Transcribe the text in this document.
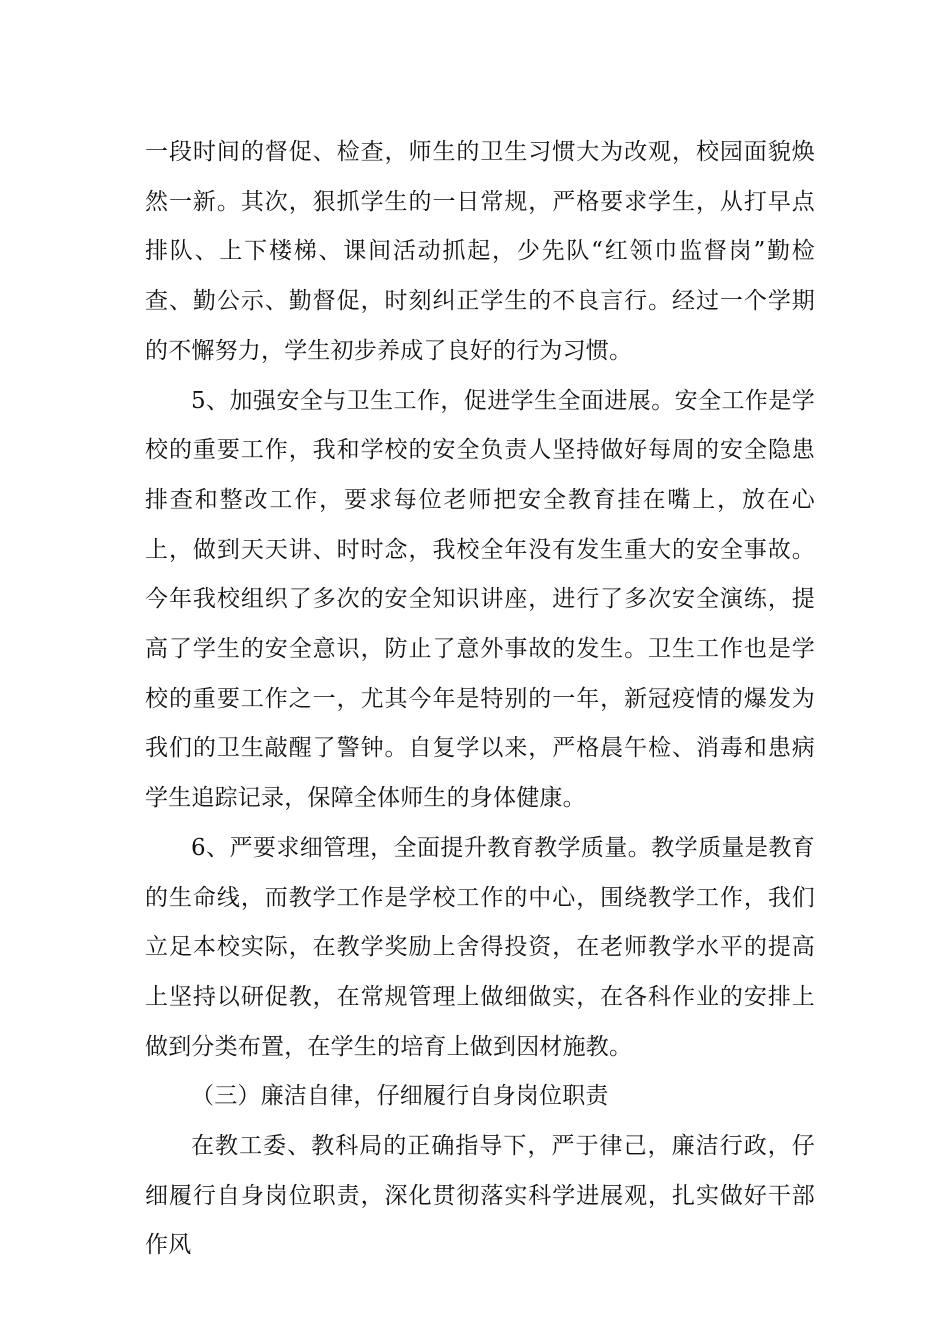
一段时间的督促、检查，师生的卫生习惯大为改观，校园面貌焕然一新。其次，狠抓学生的一日常规，严格要求学生，从打早点排队、上下楼梯、课间活动抓起，少先队“红领巾监督岗”勤检查、勤公示、勤督促，时刻纠正学生的不良言行。经过一个学期的不懈努力，学生初步养成了良好的行为习惯。

5、加强安全与卫生工作，促进学生全面进展。安全工作是学校的重要工作，我和学校的安全负责人坚持做好每周的安全隐患排查和整改工作，要求每位老师把安全教育挂在嘴上，放在心上，做到天天讲、时时念，我校全年没有发生重大的安全事故。今年我校组织了多次的安全知识讲座，进行了多次安全演练，提高了学生的安全意识，防止了意外事故的发生。卫生工作也是学校的重要工作之一，尤其今年是特别的一年，新冠疫情的爆发为我们的卫生敲醒了警钟。自复学以来，严格晨午检、消毒和患病学生追踪记录，保障全体师生的身体健康。

6、严要求细管理，全面提升教育教学质量。教学质量是教育的生命线，而教学工作是学校工作的中心，围绕教学工作，我们立足本校实际，在教学奖励上舍得投资，在老师教学水平的提高上坚持以研促教，在常规管理上做细做实，在各科作业的安排上做到分类布置，在学生的培育上做到因材施教。

（三）廉洁自律，仔细履行自身岗位职责

在教工委、教科局的正确指导下，严于律己，廉洁行政，仔细履行自身岗位职责，深化贯彻落实科学进展观，扎实做好干部作风
